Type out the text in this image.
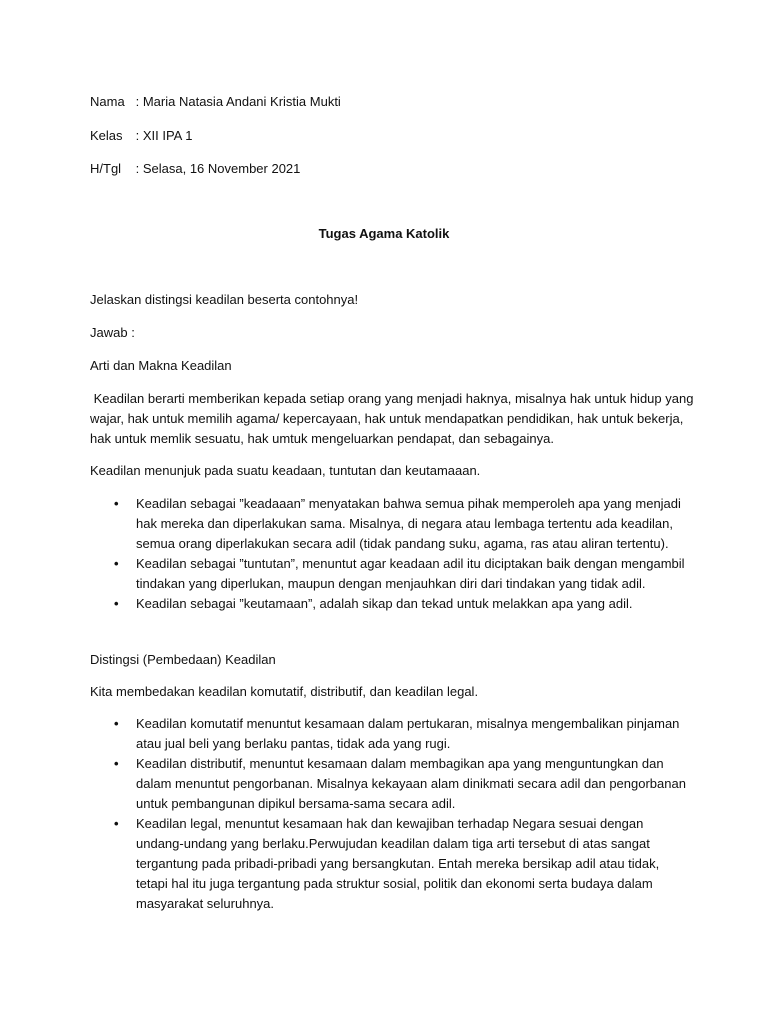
Nama : Maria Natasia Andani Kristia Mukti
Kelas : XII IPA 1
H/Tgl : Selasa, 16 November 2021
Tugas Agama Katolik

Jelaskan distingsi keadilan beserta contohnya!

Jawab :

Arti dan Makna Keadilan

Keadilan berarti memberikan kepada setiap orang yang menjadi haknya, misalnya hak untuk hidup yang wajar, hak untuk memilih agama/ kepercayaan, hak untuk mendapatkan pendidikan, hak untuk bekerja, hak untuk memlik sesuatu, hak umtuk mengeluarkan pendapat, dan sebagainya.

Keadilan menunjuk pada suatu keadaan, tuntutan dan keutamaaan.

• Keadilan sebagai ”keadaaan” menyatakan bahwa semua pihak memperoleh apa yang menjadi hak mereka dan diperlakukan sama. Misalnya, di negara atau lembaga tertentu ada keadilan, semua orang diperlakukan secara adil (tidak pandang suku, agama, ras atau aliran tertentu).
• Keadilan sebagai ”tuntutan”, menuntut agar keadaan adil itu diciptakan baik dengan mengambil tindakan yang diperlukan, maupun dengan menjauhkan diri dari tindakan yang tidak adil.
• Keadilan sebagai ”keutamaan”, adalah sikap dan tekad untuk melakkan apa yang adil.

Distingsi (Pembedaan) Keadilan

Kita membedakan keadilan komutatif, distributif, dan keadilan legal.

• Keadilan komutatif menuntut kesamaan dalam pertukaran, misalnya mengembalikan pinjaman atau jual beli yang berlaku pantas, tidak ada yang rugi.
• Keadilan distributif, menuntut kesamaan dalam membagikan apa yang menguntungkan dan dalam menuntut pengorbanan. Misalnya kekayaan alam dinikmati secara adil dan pengorbanan untuk pembangunan dipikul bersama-sama secara adil.
• Keadilan legal, menuntut kesamaan hak dan kewajiban terhadap Negara sesuai dengan undang-undang yang berlaku.Perwujudan keadilan dalam tiga arti tersebut di atas sangat tergantung pada pribadi-pribadi yang bersangkutan. Entah mereka bersikap adil atau tidak, tetapi hal itu juga tergantung pada struktur sosial, politik dan ekonomi serta budaya dalam masyarakat seluruhnya.
